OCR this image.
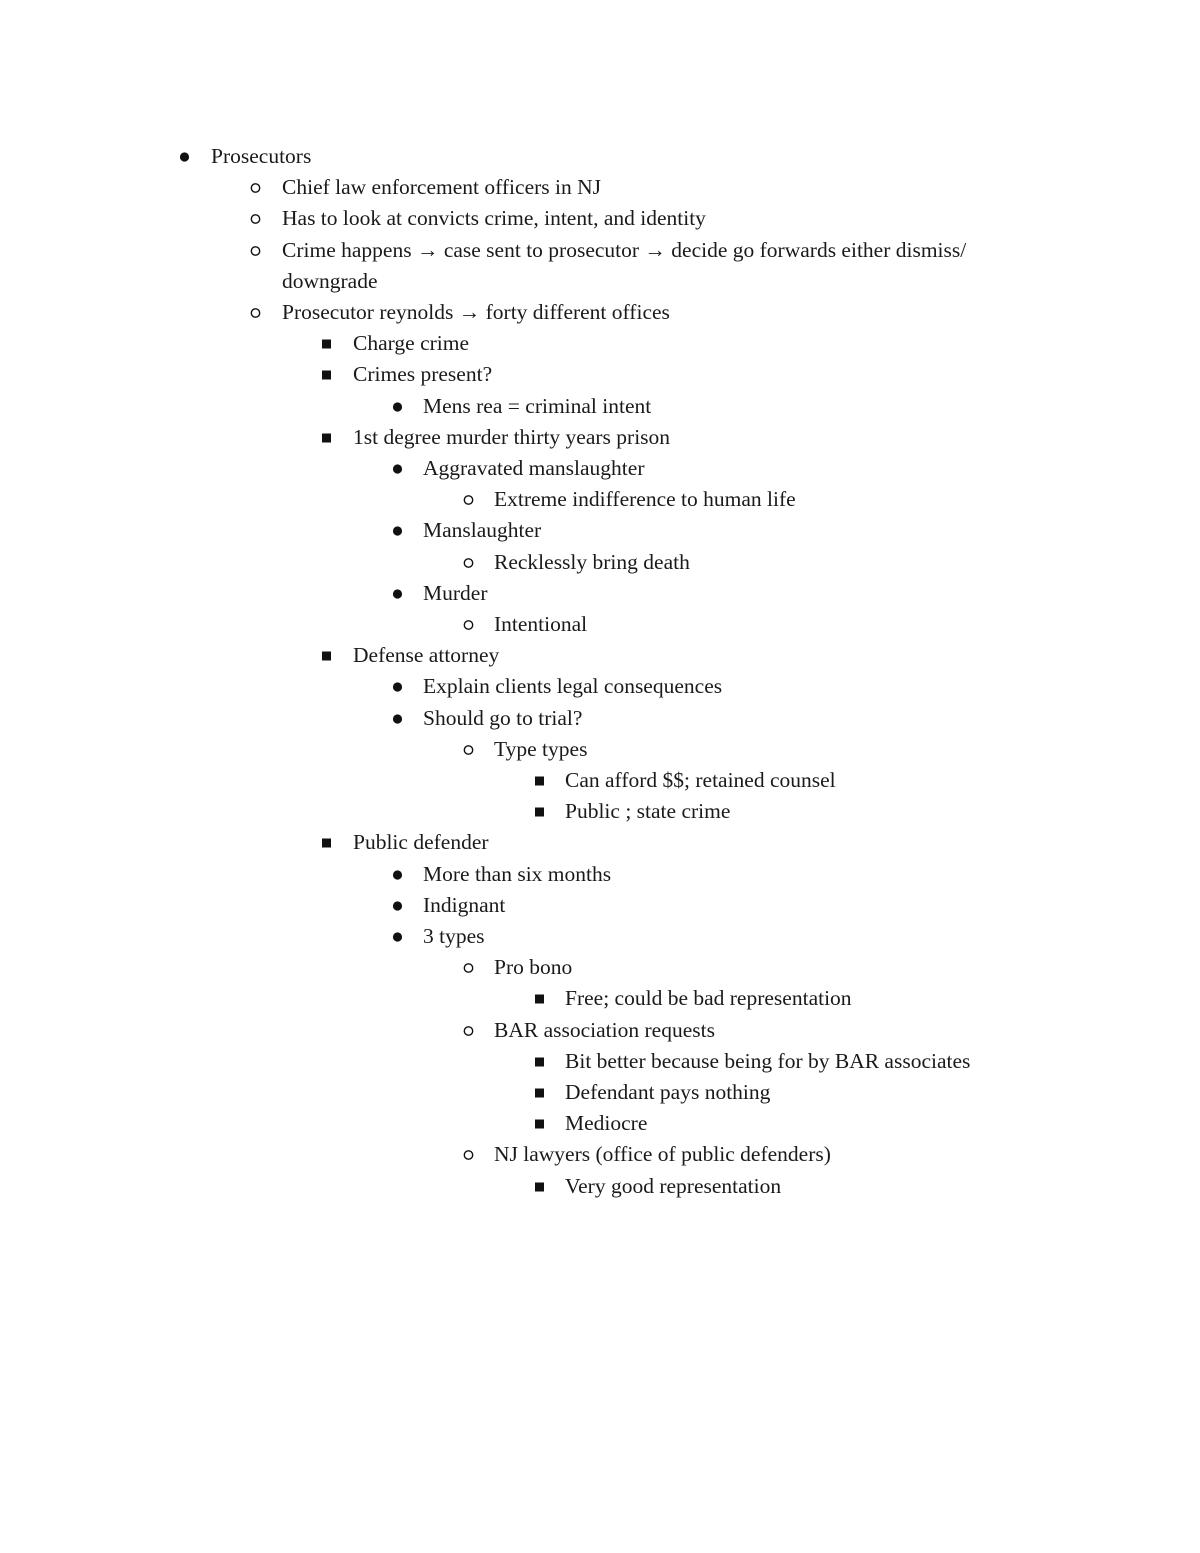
Prosecutors
Chief law enforcement officers in NJ
Has to look at convicts crime, intent, and identity
Crime happens → case sent to prosecutor → decide go forwards either dismiss/ downgrade
Prosecutor reynolds → forty different offices
Charge crime
Crimes present?
Mens rea = criminal intent
1st degree murder thirty years prison
Aggravated manslaughter
Extreme indifference to human life
Manslaughter
Recklessly bring death
Murder
Intentional
Defense attorney
Explain clients legal consequences
Should go to trial?
Type types
Can afford $$; retained counsel
Public ; state crime
Public defender
More than six months
Indignant
3 types
Pro bono
Free; could be bad representation
BAR association requests
Bit better because being for by BAR associates
Defendant pays nothing
Mediocre
NJ lawyers (office of public defenders)
Very good representation
